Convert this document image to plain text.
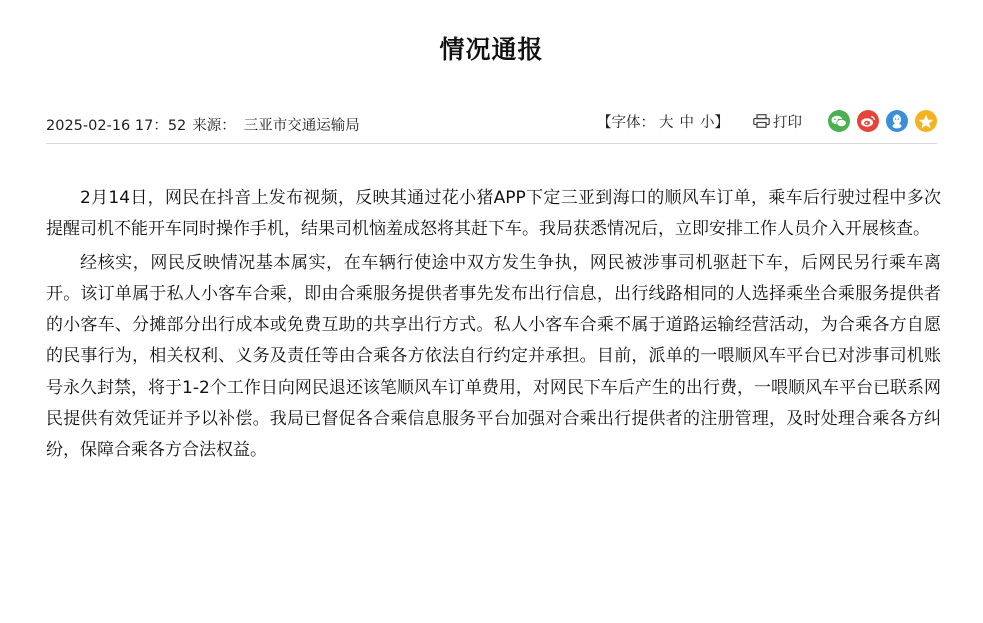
情况通报
2025-02-16 17：52 来源： 三亚市交通运输局	【字体： 大 中 小】	打印

2月14日，网民在抖音上发布视频，反映其通过花小猪APP下定三亚到海口的顺风车订单，乘车后行驶过程中多次提醒司机不能开车同时操作手机，结果司机恼羞成怒将其赶下车。我局获悉情况后，立即安排工作人员介入开展核查。

经核实，网民反映情况基本属实，在车辆行使途中双方发生争执，网民被涉事司机驱赶下车，后网民另行乘车离开。该订单属于私人小客车合乘，即由合乘服务提供者事先发布出行信息，出行线路相同的人选择乘坐合乘服务提供者的小客车、分摊部分出行成本或免费互助的共享出行方式。私人小客车合乘不属于道路运输经营活动，为合乘各方自愿的民事行为，相关权利、义务及责任等由合乘各方依法自行约定并承担。目前，派单的一喂顺风车平台已对涉事司机账号永久封禁，将于1-2个工作日向网民退还该笔顺风车订单费用，对网民下车后产生的出行费，一喂顺风车平台已联系网民提供有效凭证并予以补偿。我局已督促各合乘信息服务平台加强对合乘出行提供者的注册管理，及时处理合乘各方纠纷，保障合乘各方合法权益。
